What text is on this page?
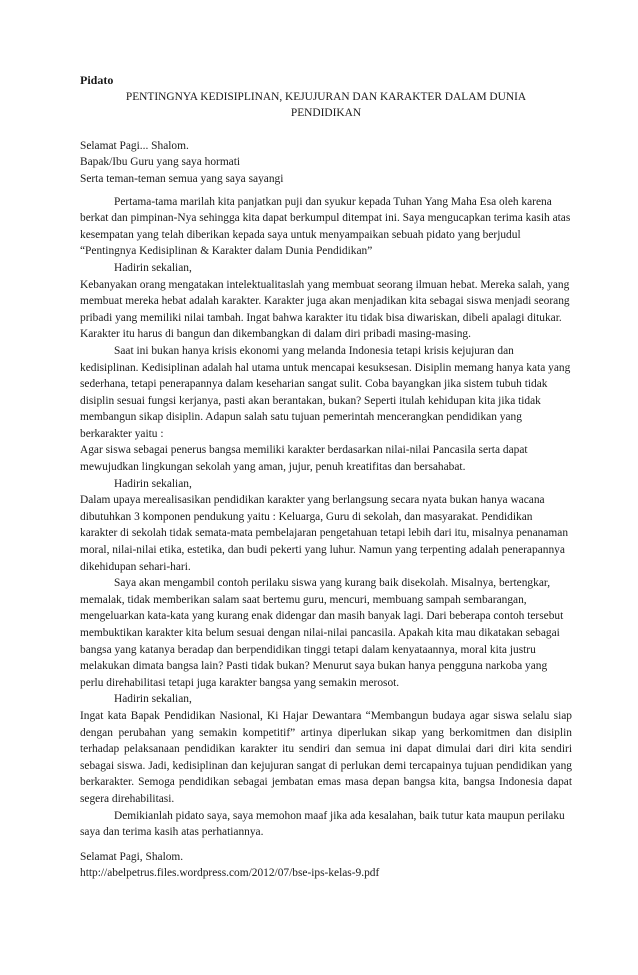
Pidato

PENTINGNYA KEDISIPLINAN, KEJUJURAN DAN KARAKTER DALAM DUNIA PENDIDIKAN

Selamat Pagi... Shalom.

Bapak/Ibu Guru yang saya hormati

Serta teman-teman semua yang saya sayangi

Pertama-tama marilah kita panjatkan puji dan syukur kepada Tuhan Yang Maha Esa oleh karena berkat dan pimpinan-Nya sehingga kita dapat berkumpul ditempat ini. Saya mengucapkan terima kasih atas kesempatan yang telah diberikan kepada saya untuk menyampaikan sebuah pidato yang berjudul “Pentingnya Kedisiplinan & Karakter dalam Dunia Pendidikan”

Hadirin sekalian,

Kebanyakan orang mengatakan intelektualitaslah yang membuat seorang ilmuan hebat. Mereka salah, yang membuat mereka hebat adalah karakter. Karakter juga akan menjadikan kita sebagai siswa menjadi seorang pribadi yang memiliki nilai tambah. Ingat bahwa karakter itu tidak bisa diwariskan, dibeli apalagi ditukar. Karakter itu harus di bangun dan dikembangkan di dalam diri pribadi masing-masing.

Saat ini bukan hanya krisis ekonomi yang melanda Indonesia tetapi krisis kejujuran dan kedisiplinan. Kedisiplinan adalah hal utama untuk mencapai kesuksesan. Disiplin memang hanya kata yang sederhana, tetapi penerapannya dalam keseharian sangat sulit. Coba bayangkan jika sistem tubuh tidak disiplin sesuai fungsi kerjanya, pasti akan berantakan, bukan? Seperti itulah kehidupan kita jika tidak membangun sikap disiplin. Adapun salah satu tujuan pemerintah mencerangkan pendidikan yang berkarakter yaitu :

Agar siswa sebagai penerus bangsa memiliki karakter berdasarkan nilai-nilai Pancasila serta dapat mewujudkan lingkungan sekolah yang aman, jujur, penuh kreatifitas dan bersahabat.

Hadirin sekalian,

Dalam upaya merealisasikan pendidikan karakter yang berlangsung secara nyata bukan hanya wacana dibutuhkan 3 komponen pendukung yaitu : Keluarga, Guru di sekolah, dan masyarakat. Pendidikan karakter di sekolah tidak semata-mata pembelajaran pengetahuan tetapi lebih dari itu, misalnya penanaman moral, nilai-nilai etika, estetika, dan budi pekerti yang luhur. Namun yang terpenting adalah penerapannya dikehidupan sehari-hari.

Saya akan mengambil contoh perilaku siswa yang kurang baik disekolah. Misalnya, bertengkar, memalak, tidak memberikan salam saat bertemu guru, mencuri, membuang sampah sembarangan, mengeluarkan kata-kata yang kurang enak didengar dan masih banyak lagi. Dari beberapa contoh tersebut membuktikan karakter kita belum sesuai dengan nilai-nilai pancasila. Apakah kita mau dikatakan sebagai bangsa yang katanya beradap dan berpendidikan tinggi tetapi dalam kenyataannya, moral kita justru melakukan dimata bangsa lain? Pasti tidak bukan? Menurut saya bukan hanya pengguna narkoba yang perlu direhabilitasi tetapi juga karakter bangsa yang semakin merosot.

Hadirin sekalian,

Ingat kata Bapak Pendidikan Nasional, Ki Hajar Dewantara “Membangun budaya agar siswa selalu siap dengan perubahan yang semakin kompetitif” artinya diperlukan sikap yang berkomitmen dan disiplin terhadap pelaksanaan pendidikan karakter itu sendiri dan semua ini dapat dimulai dari diri kita sendiri sebagai siswa. Jadi, kedisiplinan dan kejujuran sangat di perlukan demi tercapainya tujuan pendidikan yang berkarakter. Semoga pendidikan sebagai jembatan emas masa depan bangsa kita, bangsa Indonesia dapat segera direhabilitasi.

Demikianlah pidato saya, saya memohon maaf jika ada kesalahan, baik tutur kata maupun perilaku saya dan terima kasih atas perhatiannya.

Selamat Pagi, Shalom.

http://abelpetrus.files.wordpress.com/2012/07/bse-ips-kelas-9.pdf
